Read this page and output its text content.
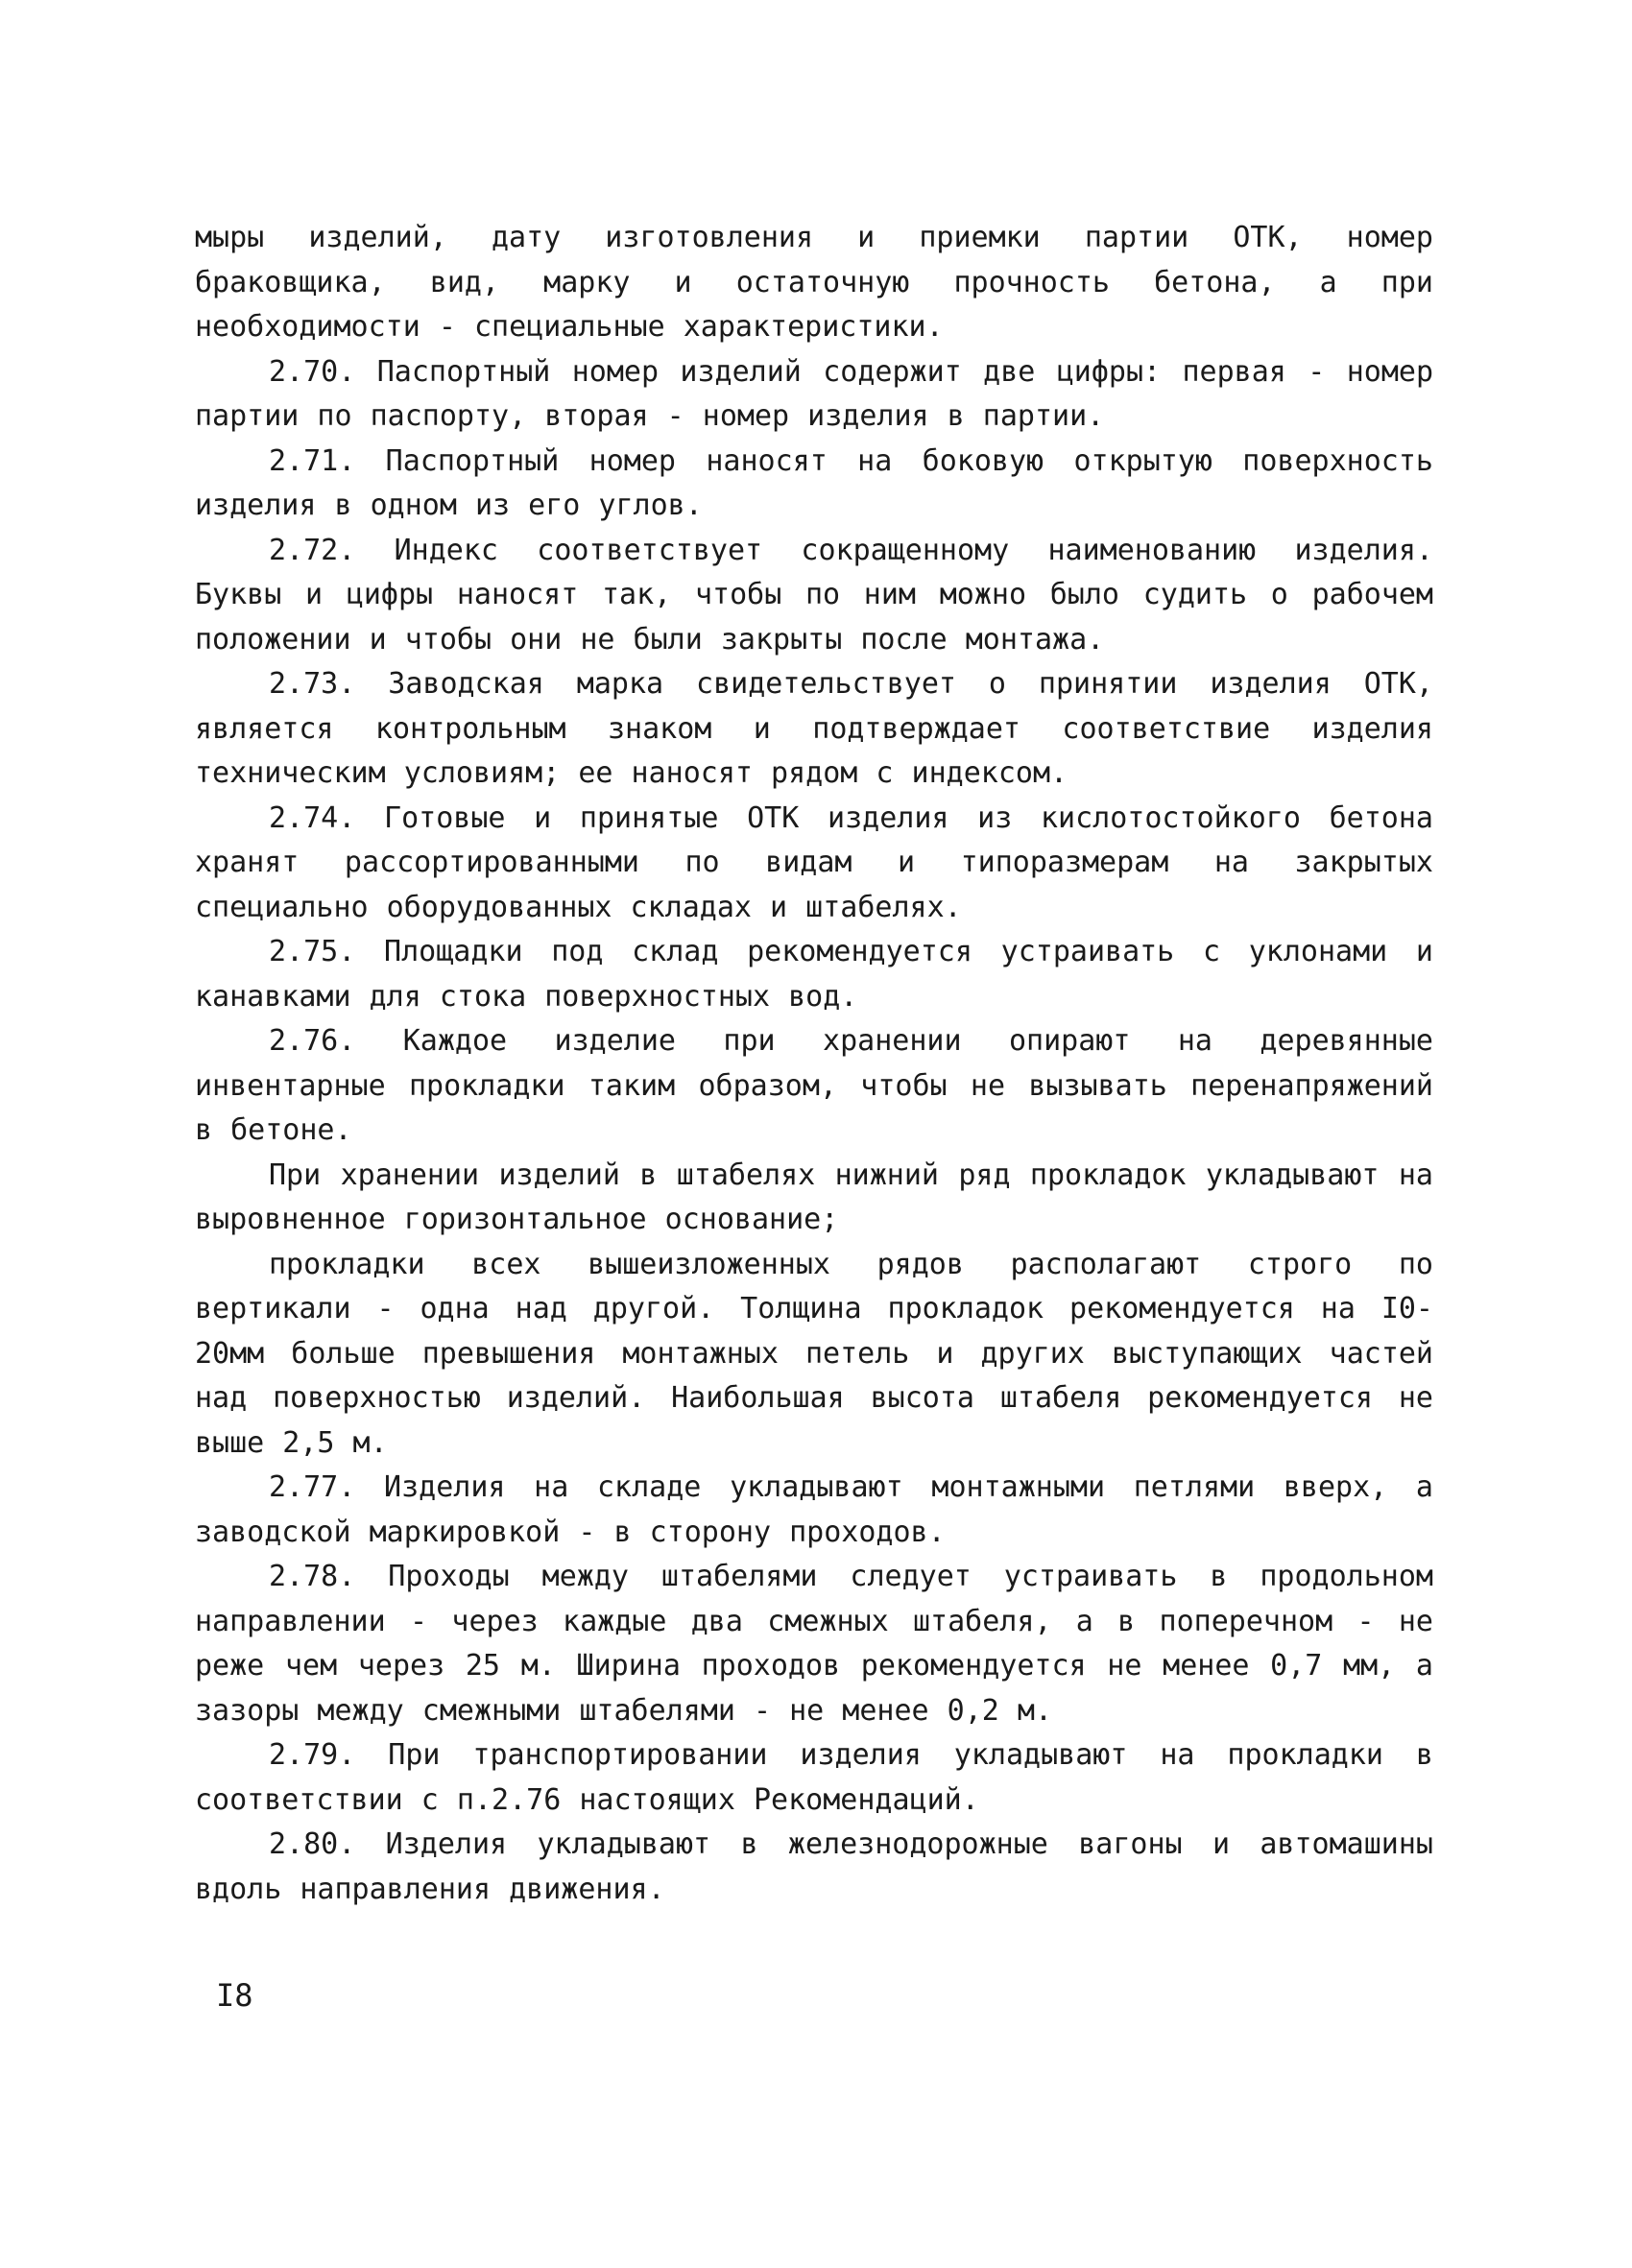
мыры изделий, дату изготовления и приемки партии ОТК, номер браковщика, вид, марку и остаточную прочность бетона, а при необходимости - специальные характеристики.

2.70. Паспортный номер изделий содержит две цифры: первая - номер партии по паспорту, вторая - номер изделия в партии.

2.71. Паспортный номер наносят на боковую открытую поверхность изделия в одном из его углов.

2.72. Индекс соответствует сокращенному наименованию изделия. Буквы и цифры наносят так, чтобы по ним можно было судить о рабочем положении и чтобы они не были закрыты после монтажа.

2.73. Заводская марка свидетельствует о принятии изделия ОТК, является контрольным знаком и подтверждает соответствие изделия техническим условиям; ее наносят рядом с индексом.

2.74. Готовые и принятые ОТК изделия из кислотостойкого бетона хранят рассортированными по видам и типоразмерам на закрытых специально оборудованных складах и штабелях.

2.75. Площадки под склад рекомендуется устраивать с уклонами и канавками для стока поверхностных вод.

2.76. Каждое изделие при хранении опирают на деревянные инвентарные прокладки таким образом, чтобы не вызывать перенапряжений в бетоне.

При хранении изделий в штабелях нижний ряд прокладок укладывают на выровненное горизонтальное основание;

прокладки всех вышеизложенных рядов располагают строго по вертикали - одна над другой. Толщина прокладок рекомендуется на I0-20мм больше превышения монтажных петель и других выступающих частей над поверхностью изделий. Наибольшая высота штабеля рекомендуется не выше 2,5 м.

2.77. Изделия на складе укладывают монтажными петлями вверх, а заводской маркировкой - в сторону проходов.

2.78. Проходы между штабелями следует устраивать в продольном направлении - через каждые два смежных штабеля, а в поперечном - не реже чем через 25 м. Ширина проходов рекомендуется не менее 0,7 мм, а зазоры между смежными штабелями - не менее 0,2 м.

2.79. При транспортировании изделия укладывают на прокладки в соответствии с п.2.76 настоящих Рекомендаций.

2.80. Изделия укладывают в железнодорожные вагоны и автомашины вдоль направления движения.

I8
